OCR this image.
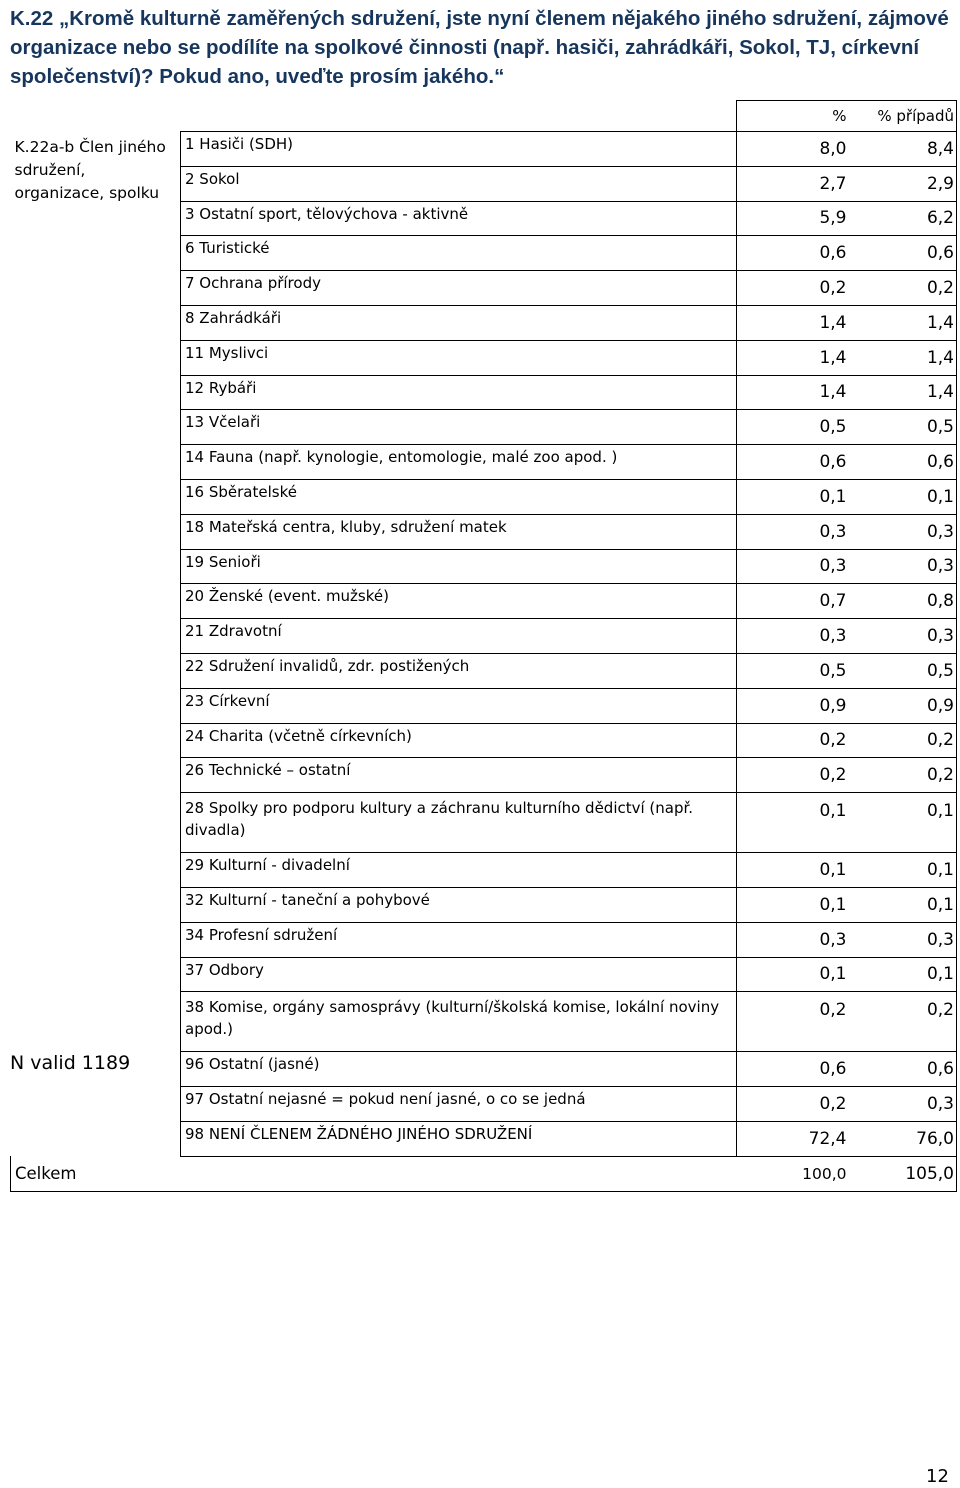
K.22 „Kromě kulturně zaměřených sdružení, jste nyní členem nějakého jiného sdružení, zájmové organizace nebo se podílíte na spolkové činnosti (např. hasiči, zahrádkáři, Sokol, TJ, církevní společenství)? Pokud ano, uveďte prosím jakého.“
		%	% případů
K.22a-b Člen jiného sdružení, organizace, spolku	1 Hasiči (SDH)	8,0	8,4
	2 Sokol	2,7	2,9
	3 Ostatní sport, tělovýchova - aktivně	5,9	6,2
	6 Turistické	0,6	0,6
	7 Ochrana přírody	0,2	0,2
	8 Zahrádkáři	1,4	1,4
	11 Myslivci	1,4	1,4
	12 Rybáři	1,4	1,4
	13 Včelaři	0,5	0,5
	14 Fauna (např. kynologie, entomologie, malé zoo apod. )	0,6	0,6
	16 Sběratelské	0,1	0,1
	18 Mateřská centra, kluby, sdružení matek	0,3	0,3
	19 Senioři	0,3	0,3
	20 Ženské (event. mužské)	0,7	0,8
	21 Zdravotní	0,3	0,3
	22 Sdružení invalidů, zdr. postižených	0,5	0,5
	23 Církevní	0,9	0,9
	24 Charita (včetně církevních)	0,2	0,2
	26 Technické – ostatní	0,2	0,2
	28 Spolky pro podporu kultury a záchranu kulturního dědictví (např. divadla)	0,1	0,1
	29 Kulturní - divadelní	0,1	0,1
	32 Kulturní - taneční a pohybové	0,1	0,1
	34 Profesní sdružení	0,3	0,3
	37 Odbory	0,1	0,1
	38 Komise, orgány samosprávy (kulturní/školská komise, lokální noviny apod.)	0,2	0,2
	96 Ostatní (jasné)	0,6	0,6
	97 Ostatní nejasné = pokud není jasné, o co se jedná	0,2	0,3
	98 NENÍ ČLENEM ŽÁDNÉHO JINÉHO SDRUŽENÍ	72,4	76,0
Celkem		100,0	105,0
N valid 1189
12
